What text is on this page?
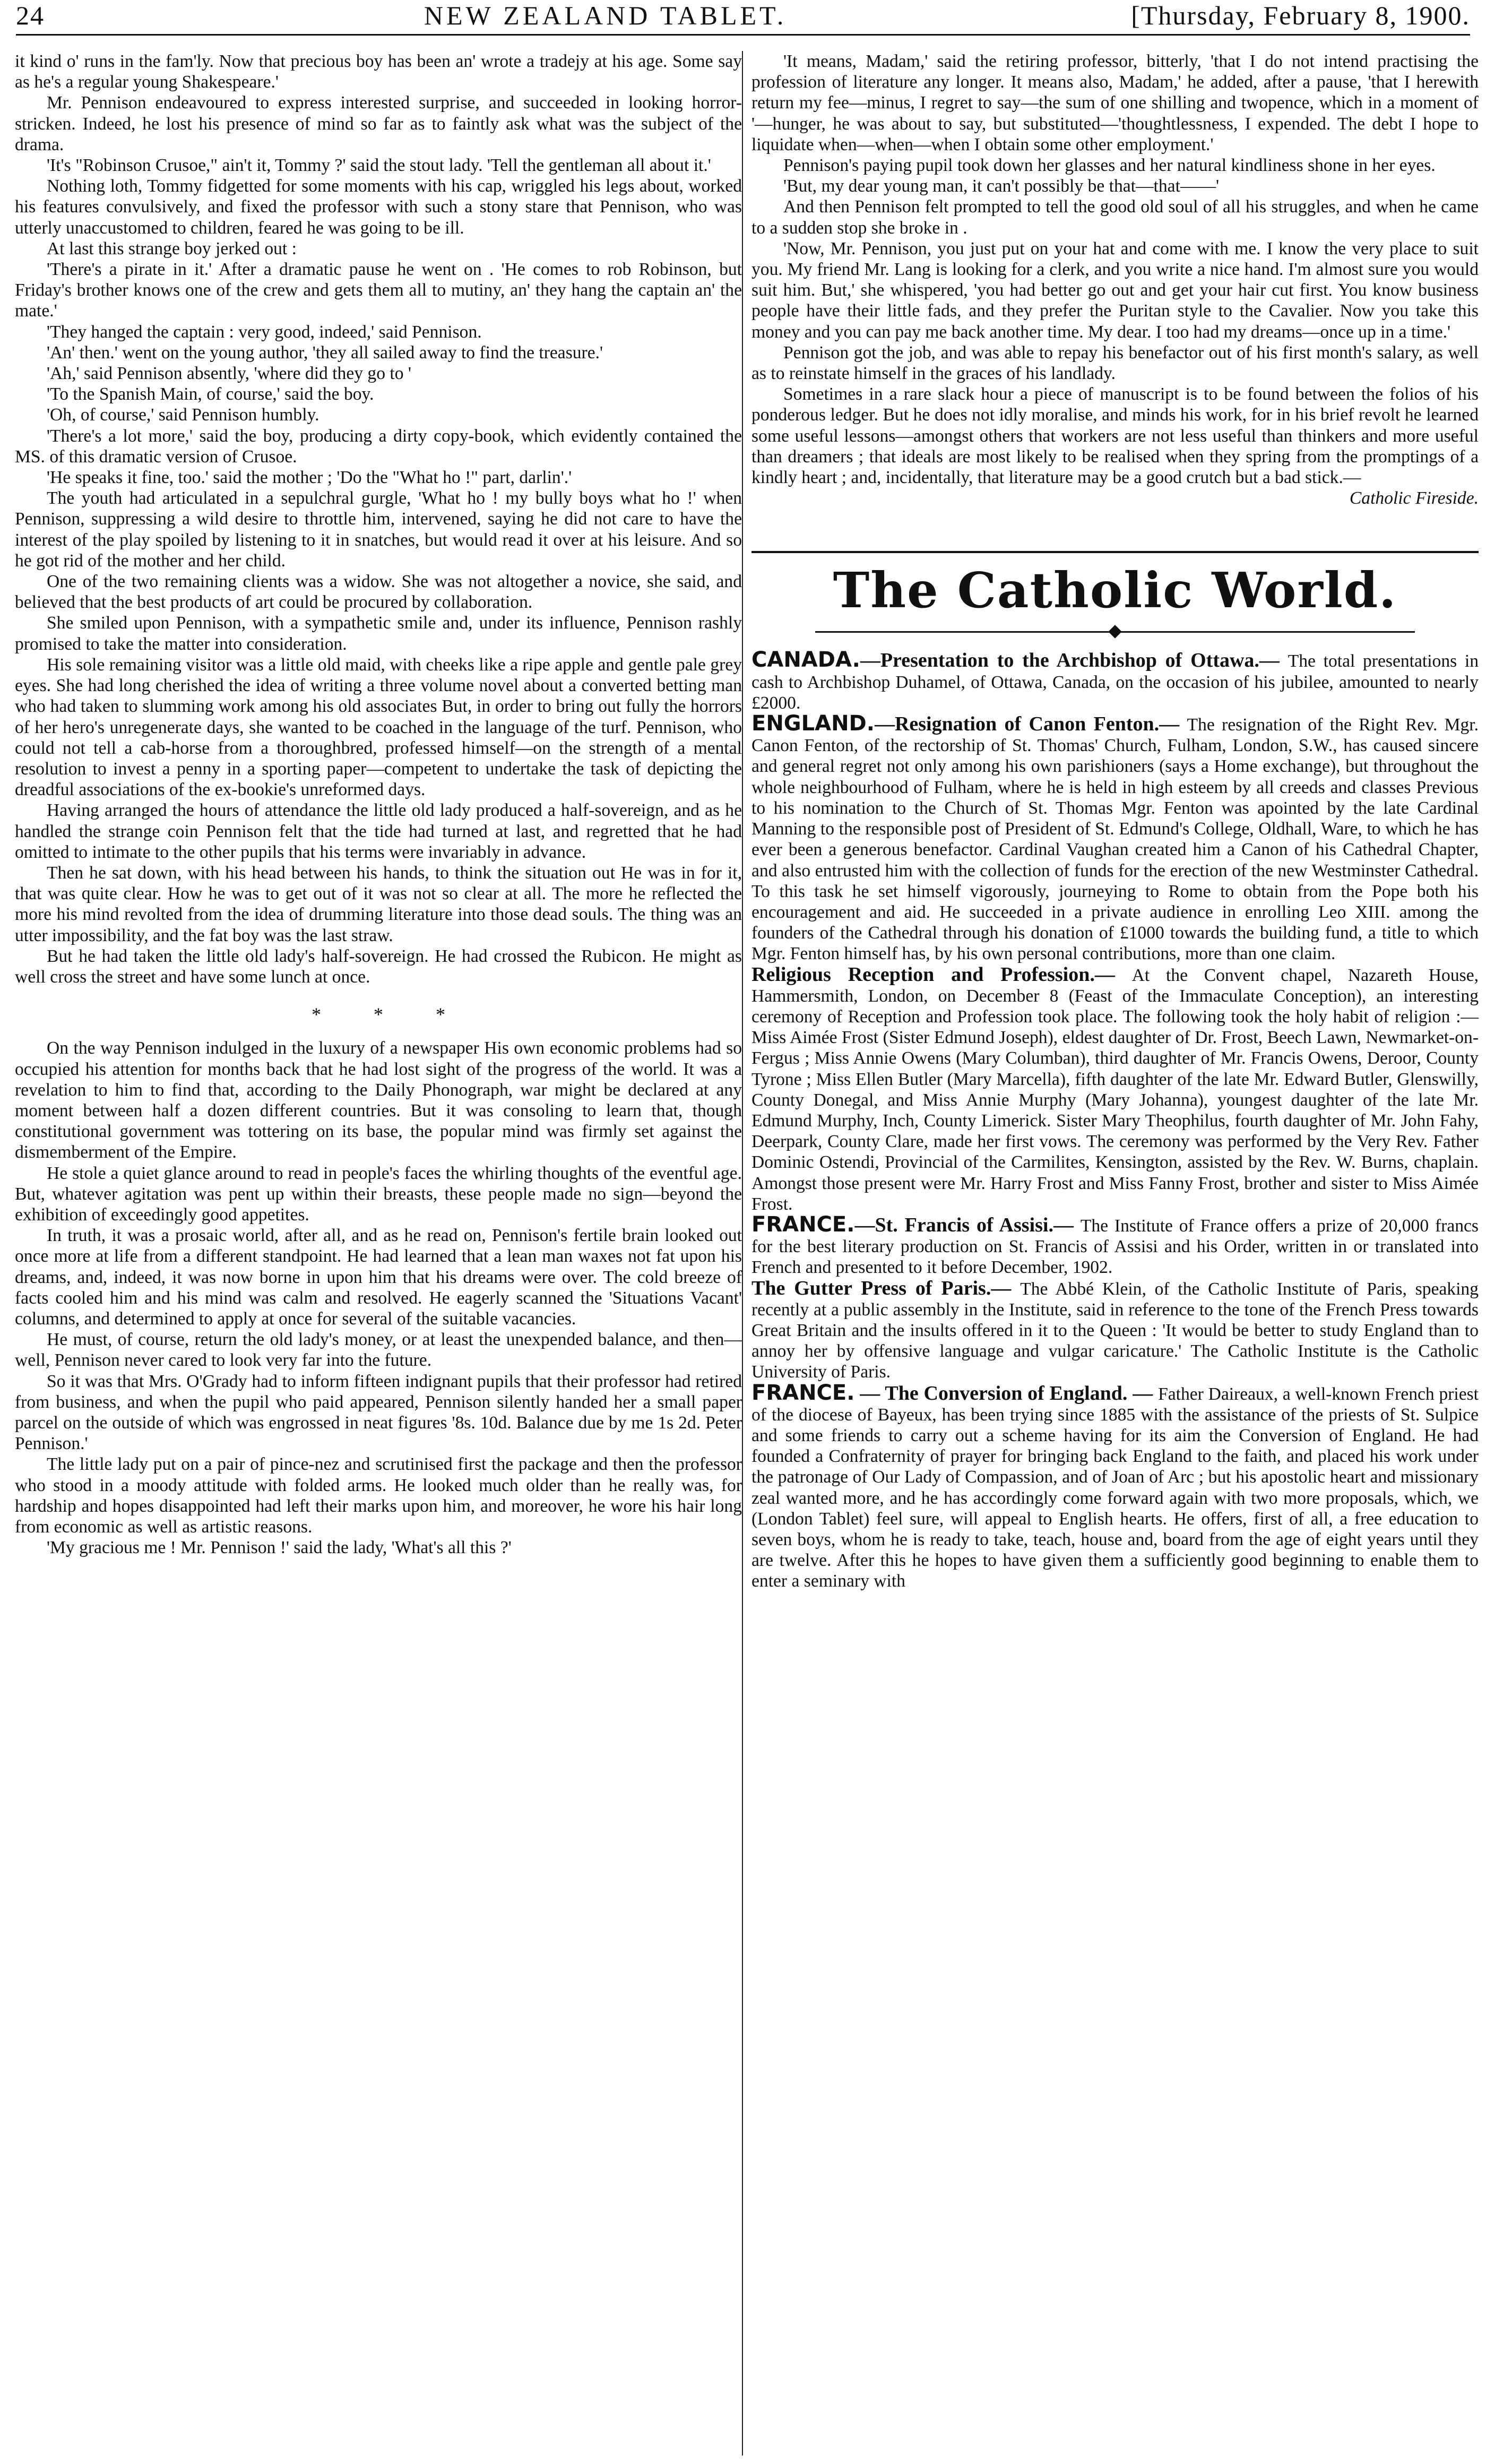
24	NEW ZEALAND TABLET.	[Thursday, February 8, 1900.

it kind o' runs in the fam'ly. Now that precious boy has been an' wrote a tradejy at his age. Some say as he's a regular young Shakespeare.'

Mr. Pennison endeavoured to express interested surprise, and succeeded in looking horror-stricken. Indeed, he lost his presence of mind so far as to faintly ask what was the subject of the drama.

'It's "Robinson Crusoe," ain't it, Tommy ?' said the stout lady. 'Tell the gentleman all about it.'

Nothing loth, Tommy fidgetted for some moments with his cap, wriggled his legs about, worked his features convulsively, and fixed the professor with such a stony stare that Pennison, who was utterly unaccustomed to children, feared he was going to be ill.

At last this strange boy jerked out :

'There's a pirate in it.' After a dramatic pause he went on . 'He comes to rob Robinson, but Friday's brother knows one of the crew and gets them all to mutiny, an' they hang the captain an' the mate.'

'They hanged the captain : very good, indeed,' said Pennison.

'An' then.' went on the young author, 'they all sailed away to find the treasure.'

'Ah,' said Pennison absently, 'where did they go to '

'To the Spanish Main, of course,' said the boy.

'Oh, of course,' said Pennison humbly.

'There's a lot more,' said the boy, producing a dirty copy-book, which evidently contained the MS. of this dramatic version of Crusoe.

'He speaks it fine, too.' said the mother ; 'Do the "What ho !" part, darlin'.'

The youth had articulated in a sepulchral gurgle, 'What ho ! my bully boys what ho !' when Pennison, suppressing a wild desire to throttle him, intervened, saying he did not care to have the interest of the play spoiled by listening to it in snatches, but would read it over at his leisure. And so he got rid of the mother and her child.

One of the two remaining clients was a widow. She was not altogether a novice, she said, and believed that the best products of art could be procured by collaboration.

She smiled upon Pennison, with a sympathetic smile and, under its influence, Pennison rashly promised to take the matter into consideration.

His sole remaining visitor was a little old maid, with cheeks like a ripe apple and gentle pale grey eyes. She had long cherished the idea of writing a three volume novel about a converted betting man who had taken to slumming work among his old associates But, in order to bring out fully the horrors of her hero's unregenerate days, she wanted to be coached in the language of the turf. Pennison, who could not tell a cab-horse from a thoroughbred, professed himself—on the strength of a mental resolution to invest a penny in a sporting paper—competent to undertake the task of depicting the dreadful associations of the ex-bookie's unreformed days.

Having arranged the hours of attendance the little old lady produced a half-sovereign, and as he handled the strange coin Pennison felt that the tide had turned at last, and regretted that he had omitted to intimate to the other pupils that his terms were invariably in advance.

Then he sat down, with his head between his hands, to think the situation out He was in for it, that was quite clear. How he was to get out of it was not so clear at all. The more he reflected the more his mind revolted from the idea of drumming literature into those dead souls. The thing was an utter impossibility, and the fat boy was the last straw.

But he had taken the little old lady's half-sovereign. He had crossed the Rubicon. He might as well cross the street and have some lunch at once.

* * *

On the way Pennison indulged in the luxury of a newspaper His own economic problems had so occupied his attention for months back that he had lost sight of the progress of the world. It was a revelation to him to find that, according to the Daily Phonograph, war might be declared at any moment between half a dozen different countries. But it was consoling to learn that, though constitutional government was tottering on its base, the popular mind was firmly set against the dismemberment of the Empire.

He stole a quiet glance around to read in people's faces the whirling thoughts of the eventful age. But, whatever agitation was pent up within their breasts, these people made no sign—beyond the exhibition of exceedingly good appetites.

In truth, it was a prosaic world, after all, and as he read on, Pennison's fertile brain looked out once more at life from a different standpoint. He had learned that a lean man waxes not fat upon his dreams, and, indeed, it was now borne in upon him that his dreams were over. The cold breeze of facts cooled him and his mind was calm and resolved. He eagerly scanned the 'Situations Vacant' columns, and determined to apply at once for several of the suitable vacancies.

He must, of course, return the old lady's money, or at least the unexpended balance, and then—well, Pennison never cared to look very far into the future.

So it was that Mrs. O'Grady had to inform fifteen indignant pupils that their professor had retired from business, and when the pupil who paid appeared, Pennison silently handed her a small paper parcel on the outside of which was engrossed in neat figures '8s. 10d. Balance due by me 1s 2d. Peter Pennison.'

The little lady put on a pair of pince-nez and scrutinised first the package and then the professor who stood in a moody attitude with folded arms. He looked much older than he really was, for hardship and hopes disappointed had left their marks upon him, and moreover, he wore his hair long from economic as well as artistic reasons.

'My gracious me ! Mr. Pennison !' said the lady, 'What's all this ?'

'It means, Madam,' said the retiring professor, bitterly, 'that I do not intend practising the profession of literature any longer. It means also, Madam,' he added, after a pause, 'that I herewith return my fee—minus, I regret to say—the sum of one shilling and twopence, which in a moment of '—hunger, he was about to say, but substituted—'thoughtlessness, I expended. The debt I hope to liquidate when—when—when I obtain some other employment.'

Pennison's paying pupil took down her glasses and her natural kindliness shone in her eyes.

'But, my dear young man, it can't possibly be that—that——'

And then Pennison felt prompted to tell the good old soul of all his struggles, and when he came to a sudden stop she broke in .

'Now, Mr. Pennison, you just put on your hat and come with me. I know the very place to suit you. My friend Mr. Lang is looking for a clerk, and you write a nice hand. I'm almost sure you would suit him. But,' she whispered, 'you had better go out and get your hair cut first. You know business people have their little fads, and they prefer the Puritan style to the Cavalier. Now you take this money and you can pay me back another time. My dear. I too had my dreams—once up in a time.'

Pennison got the job, and was able to repay his benefactor out of his first month's salary, as well as to reinstate himself in the graces of his landlady.

Sometimes in a rare slack hour a piece of manuscript is to be found between the folios of his ponderous ledger. But he does not idly moralise, and minds his work, for in his brief revolt he learned some useful lessons—amongst others that workers are not less useful than thinkers and more useful than dreamers ; that ideals are most likely to be realised when they spring from the promptings of a kindly heart ; and, incidentally, that literature may be a good crutch but a bad stick.—

Catholic Fireside.

The Catholic World.

CANADA.—Presentation to the Archbishop of Ottawa.— The total presentations in cash to Archbishop Duhamel, of Ottawa, Canada, on the occasion of his jubilee, amounted to nearly £2000.

ENGLAND.—Resignation of Canon Fenton.— The resignation of the Right Rev. Mgr. Canon Fenton, of the rectorship of St. Thomas' Church, Fulham, London, S.W., has caused sincere and general regret not only among his own parishioners (says a Home exchange), but throughout the whole neighbourhood of Fulham, where he is held in high esteem by all creeds and classes Previous to his nomination to the Church of St. Thomas Mgr. Fenton was apointed by the late Cardinal Manning to the responsible post of President of St. Edmund's College, Oldhall, Ware, to which he has ever been a generous benefactor. Cardinal Vaughan created him a Canon of his Cathedral Chapter, and also entrusted him with the collection of funds for the erection of the new Westminster Cathedral. To this task he set himself vigorously, journeying to Rome to obtain from the Pope both his encouragement and aid. He succeeded in a private audience in enrolling Leo XIII. among the founders of the Cathedral through his donation of £1000 towards the building fund, a title to which Mgr. Fenton himself has, by his own personal contributions, more than one claim.

Religious Reception and Profession.— At the Convent chapel, Nazareth House, Hammersmith, London, on December 8 (Feast of the Immaculate Conception), an interesting ceremony of Reception and Profession took place. The following took the holy habit of religion :—Miss Aimée Frost (Sister Edmund Joseph), eldest daughter of Dr. Frost, Beech Lawn, Newmarket-on-Fergus ; Miss Annie Owens (Mary Columban), third daughter of Mr. Francis Owens, Deroor, County Tyrone ; Miss Ellen Butler (Mary Marcella), fifth daughter of the late Mr. Edward Butler, Glenswilly, County Donegal, and Miss Annie Murphy (Mary Johanna), youngest daughter of the late Mr. Edmund Murphy, Inch, County Limerick. Sister Mary Theophilus, fourth daughter of Mr. John Fahy, Deerpark, County Clare, made her first vows. The ceremony was performed by the Very Rev. Father Dominic Ostendi, Provincial of the Carmilites, Kensington, assisted by the Rev. W. Burns, chaplain. Amongst those present were Mr. Harry Frost and Miss Fanny Frost, brother and sister to Miss Aimée Frost.

FRANCE.—St. Francis of Assisi.— The Institute of France offers a prize of 20,000 francs for the best literary production on St. Francis of Assisi and his Order, written in or translated into French and presented to it before December, 1902.

The Gutter Press of Paris.— The Abbé Klein, of the Catholic Institute of Paris, speaking recently at a public assembly in the Institute, said in reference to the tone of the French Press towards Great Britain and the insults offered in it to the Queen : 'It would be better to study England than to annoy her by offensive language and vulgar caricature.' The Catholic Institute is the Catholic University of Paris.

FRANCE. — The Conversion of England. — Father Daireaux, a well-known French priest of the diocese of Bayeux, has been trying since 1885 with the assistance of the priests of St. Sulpice and some friends to carry out a scheme having for its aim the Conversion of England. He had founded a Confraternity of prayer for bringing back England to the faith, and placed his work under the patronage of Our Lady of Compassion, and of Joan of Arc ; but his apostolic heart and missionary zeal wanted more, and he has accordingly come forward again with two more proposals, which, we (London Tablet) feel sure, will appeal to English hearts. He offers, first of all, a free education to seven boys, whom he is ready to take, teach, house and, board from the age of eight years until they are twelve. After this he hopes to have given them a sufficiently good beginning to enable them to enter a seminary with
